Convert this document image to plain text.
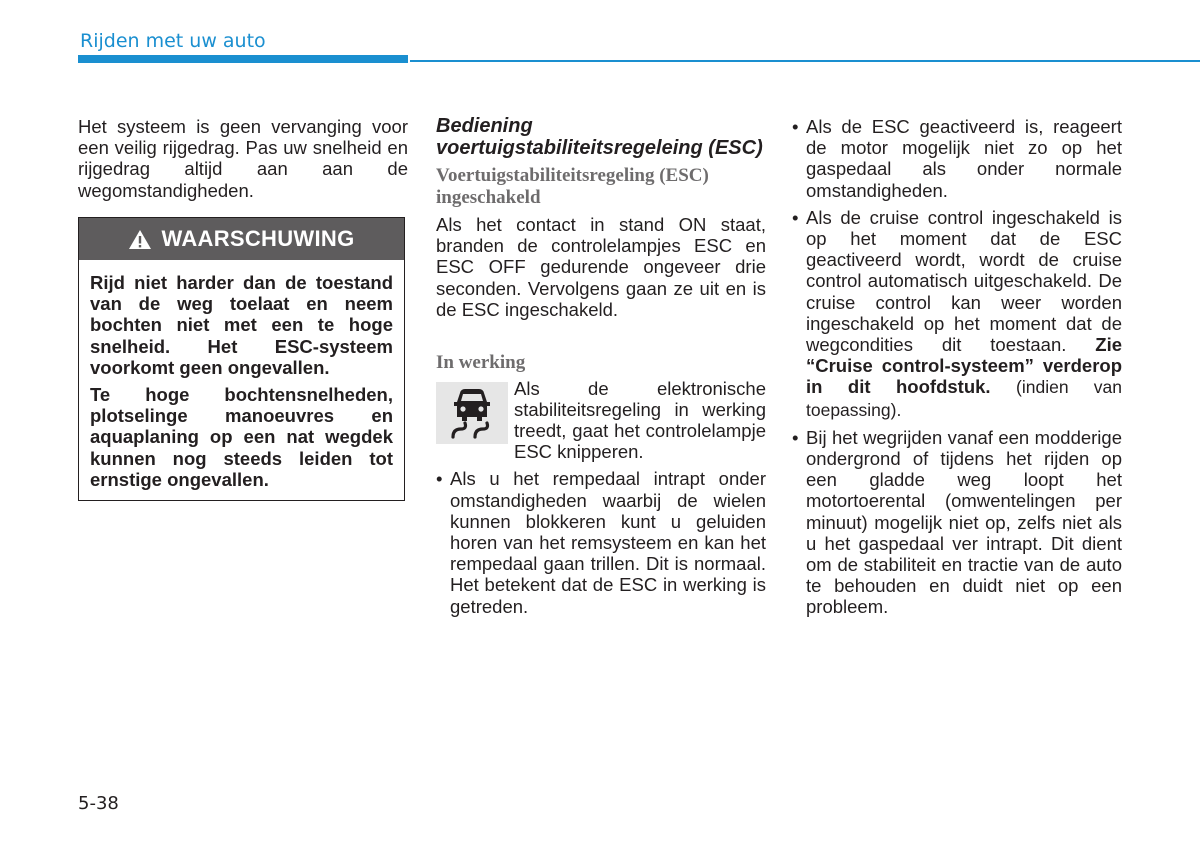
Rijden met uw auto

Het systeem is geen vervanging voor een veilig rijgedrag. Pas uw snelheid en rijgedrag altijd aan aan de wegomstandigheden.

WAARSCHUWING

Rijd niet harder dan de toestand van de weg toelaat en neem bochten niet met een te hoge snelheid. Het ESC-systeem voorkomt geen ongevallen.

Te hoge bochtensnelheden, plotselinge manoeuvres en aquaplaning op een nat wegdek kunnen nog steeds leiden tot ernstige ongevallen.

Bediening voertuigstabiliteitsregeleing (ESC)
Voertuigstabiliteitsregeling (ESC) ingeschakeld

Als het contact in stand ON staat, branden de controlelampjes ESC en ESC OFF gedurende ongeveer drie seconden. Vervolgens gaan ze uit en is de ESC ingeschakeld.

In werking

Als de elektronische stabiliteitsregeling in werking treedt, gaat het controlelampje ESC knipperen.

• Als u het rempedaal intrapt onder omstandigheden waarbij de wielen kunnen blokkeren kunt u geluiden horen van het remsysteem en kan het rempedaal gaan trillen. Dit is normaal. Het betekent dat de ESC in werking is getreden.

• Als de ESC geactiveerd is, reageert de motor mogelijk niet zo op het gaspedaal als onder normale omstandigheden.

• Als de cruise control ingeschakeld is op het moment dat de ESC geactiveerd wordt, wordt de cruise control automatisch uitgeschakeld. De cruise control kan weer worden ingeschakeld op het moment dat de wegcondities dit toestaan. Zie “Cruise control-systeem” verderop in dit hoofdstuk. (indien van toepassing).

• Bij het wegrijden vanaf een modderige ondergrond of tijdens het rijden op een gladde weg loopt het motortoerental (omwentelingen per minuut) mogelijk niet op, zelfs niet als u het gaspedaal ver intrapt. Dit dient om de stabiliteit en tractie van de auto te behouden en duidt niet op een probleem.

5-38
